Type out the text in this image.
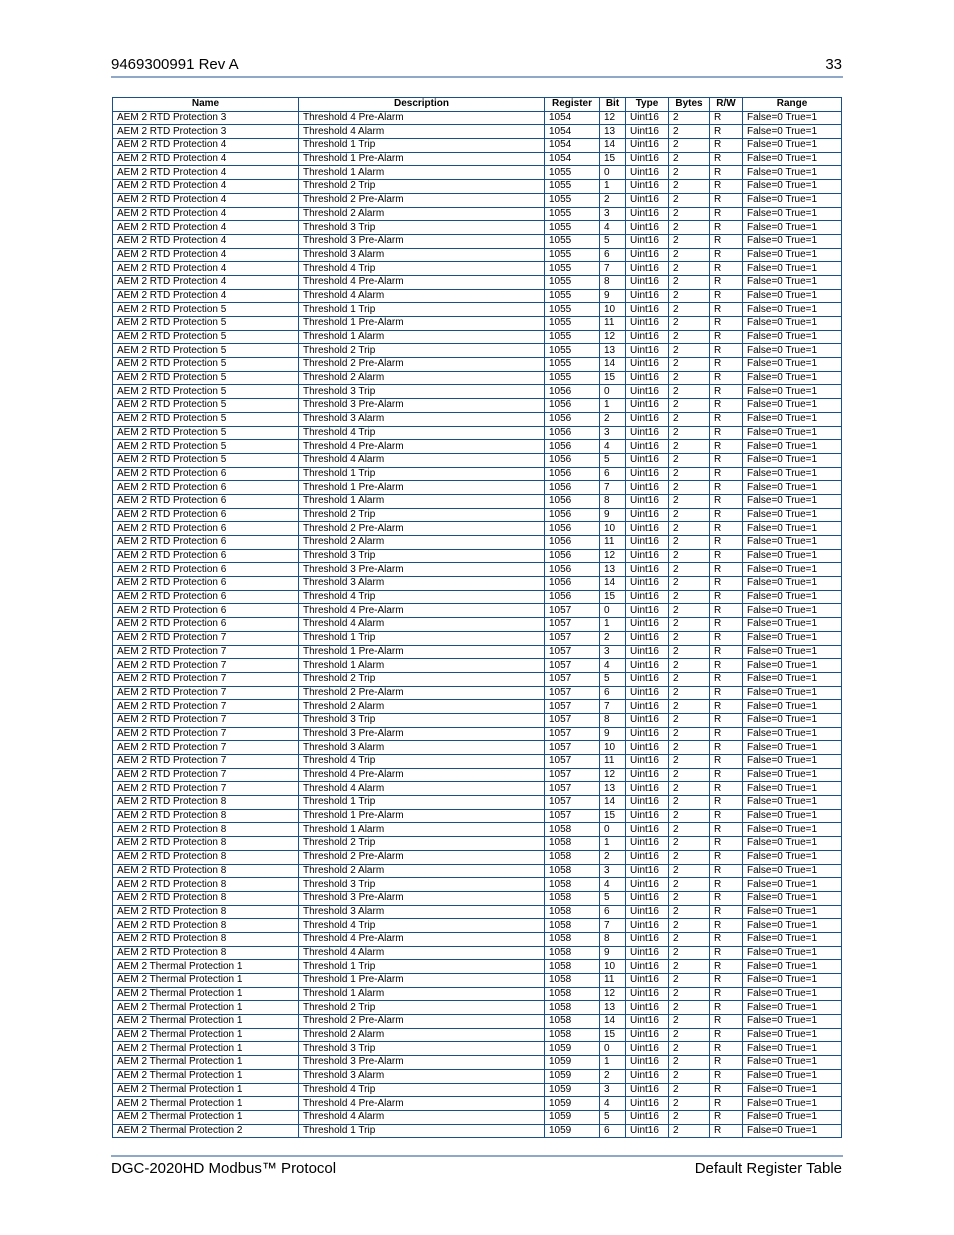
9469300991 Rev A	33
Name	Description	Register	Bit	Type	Bytes	R/W	Range
AEM 2 RTD Protection 3	Threshold 4 Pre-Alarm	1054	12	Uint16	2	R	False=0 True=1
AEM 2 RTD Protection 3	Threshold 4 Alarm	1054	13	Uint16	2	R	False=0 True=1
AEM 2 RTD Protection 4	Threshold 1 Trip	1054	14	Uint16	2	R	False=0 True=1
AEM 2 RTD Protection 4	Threshold 1 Pre-Alarm	1054	15	Uint16	2	R	False=0 True=1
AEM 2 RTD Protection 4	Threshold 1 Alarm	1055	0	Uint16	2	R	False=0 True=1
AEM 2 RTD Protection 4	Threshold 2 Trip	1055	1	Uint16	2	R	False=0 True=1
AEM 2 RTD Protection 4	Threshold 2 Pre-Alarm	1055	2	Uint16	2	R	False=0 True=1
AEM 2 RTD Protection 4	Threshold 2 Alarm	1055	3	Uint16	2	R	False=0 True=1
AEM 2 RTD Protection 4	Threshold 3 Trip	1055	4	Uint16	2	R	False=0 True=1
AEM 2 RTD Protection 4	Threshold 3 Pre-Alarm	1055	5	Uint16	2	R	False=0 True=1
AEM 2 RTD Protection 4	Threshold 3 Alarm	1055	6	Uint16	2	R	False=0 True=1
AEM 2 RTD Protection 4	Threshold 4 Trip	1055	7	Uint16	2	R	False=0 True=1
AEM 2 RTD Protection 4	Threshold 4 Pre-Alarm	1055	8	Uint16	2	R	False=0 True=1
AEM 2 RTD Protection 4	Threshold 4 Alarm	1055	9	Uint16	2	R	False=0 True=1
AEM 2 RTD Protection 5	Threshold 1 Trip	1055	10	Uint16	2	R	False=0 True=1
AEM 2 RTD Protection 5	Threshold 1 Pre-Alarm	1055	11	Uint16	2	R	False=0 True=1
AEM 2 RTD Protection 5	Threshold 1 Alarm	1055	12	Uint16	2	R	False=0 True=1
AEM 2 RTD Protection 5	Threshold 2 Trip	1055	13	Uint16	2	R	False=0 True=1
AEM 2 RTD Protection 5	Threshold 2 Pre-Alarm	1055	14	Uint16	2	R	False=0 True=1
AEM 2 RTD Protection 5	Threshold 2 Alarm	1055	15	Uint16	2	R	False=0 True=1
AEM 2 RTD Protection 5	Threshold 3 Trip	1056	0	Uint16	2	R	False=0 True=1
AEM 2 RTD Protection 5	Threshold 3 Pre-Alarm	1056	1	Uint16	2	R	False=0 True=1
AEM 2 RTD Protection 5	Threshold 3 Alarm	1056	2	Uint16	2	R	False=0 True=1
AEM 2 RTD Protection 5	Threshold 4 Trip	1056	3	Uint16	2	R	False=0 True=1
AEM 2 RTD Protection 5	Threshold 4 Pre-Alarm	1056	4	Uint16	2	R	False=0 True=1
AEM 2 RTD Protection 5	Threshold 4 Alarm	1056	5	Uint16	2	R	False=0 True=1
AEM 2 RTD Protection 6	Threshold 1 Trip	1056	6	Uint16	2	R	False=0 True=1
AEM 2 RTD Protection 6	Threshold 1 Pre-Alarm	1056	7	Uint16	2	R	False=0 True=1
AEM 2 RTD Protection 6	Threshold 1 Alarm	1056	8	Uint16	2	R	False=0 True=1
AEM 2 RTD Protection 6	Threshold 2 Trip	1056	9	Uint16	2	R	False=0 True=1
AEM 2 RTD Protection 6	Threshold 2 Pre-Alarm	1056	10	Uint16	2	R	False=0 True=1
AEM 2 RTD Protection 6	Threshold 2 Alarm	1056	11	Uint16	2	R	False=0 True=1
AEM 2 RTD Protection 6	Threshold 3 Trip	1056	12	Uint16	2	R	False=0 True=1
AEM 2 RTD Protection 6	Threshold 3 Pre-Alarm	1056	13	Uint16	2	R	False=0 True=1
AEM 2 RTD Protection 6	Threshold 3 Alarm	1056	14	Uint16	2	R	False=0 True=1
AEM 2 RTD Protection 6	Threshold 4 Trip	1056	15	Uint16	2	R	False=0 True=1
AEM 2 RTD Protection 6	Threshold 4 Pre-Alarm	1057	0	Uint16	2	R	False=0 True=1
AEM 2 RTD Protection 6	Threshold 4 Alarm	1057	1	Uint16	2	R	False=0 True=1
AEM 2 RTD Protection 7	Threshold 1 Trip	1057	2	Uint16	2	R	False=0 True=1
AEM 2 RTD Protection 7	Threshold 1 Pre-Alarm	1057	3	Uint16	2	R	False=0 True=1
AEM 2 RTD Protection 7	Threshold 1 Alarm	1057	4	Uint16	2	R	False=0 True=1
AEM 2 RTD Protection 7	Threshold 2 Trip	1057	5	Uint16	2	R	False=0 True=1
AEM 2 RTD Protection 7	Threshold 2 Pre-Alarm	1057	6	Uint16	2	R	False=0 True=1
AEM 2 RTD Protection 7	Threshold 2 Alarm	1057	7	Uint16	2	R	False=0 True=1
AEM 2 RTD Protection 7	Threshold 3 Trip	1057	8	Uint16	2	R	False=0 True=1
AEM 2 RTD Protection 7	Threshold 3 Pre-Alarm	1057	9	Uint16	2	R	False=0 True=1
AEM 2 RTD Protection 7	Threshold 3 Alarm	1057	10	Uint16	2	R	False=0 True=1
AEM 2 RTD Protection 7	Threshold 4 Trip	1057	11	Uint16	2	R	False=0 True=1
AEM 2 RTD Protection 7	Threshold 4 Pre-Alarm	1057	12	Uint16	2	R	False=0 True=1
AEM 2 RTD Protection 7	Threshold 4 Alarm	1057	13	Uint16	2	R	False=0 True=1
AEM 2 RTD Protection 8	Threshold 1 Trip	1057	14	Uint16	2	R	False=0 True=1
AEM 2 RTD Protection 8	Threshold 1 Pre-Alarm	1057	15	Uint16	2	R	False=0 True=1
AEM 2 RTD Protection 8	Threshold 1 Alarm	1058	0	Uint16	2	R	False=0 True=1
AEM 2 RTD Protection 8	Threshold 2 Trip	1058	1	Uint16	2	R	False=0 True=1
AEM 2 RTD Protection 8	Threshold 2 Pre-Alarm	1058	2	Uint16	2	R	False=0 True=1
AEM 2 RTD Protection 8	Threshold 2 Alarm	1058	3	Uint16	2	R	False=0 True=1
AEM 2 RTD Protection 8	Threshold 3 Trip	1058	4	Uint16	2	R	False=0 True=1
AEM 2 RTD Protection 8	Threshold 3 Pre-Alarm	1058	5	Uint16	2	R	False=0 True=1
AEM 2 RTD Protection 8	Threshold 3 Alarm	1058	6	Uint16	2	R	False=0 True=1
AEM 2 RTD Protection 8	Threshold 4 Trip	1058	7	Uint16	2	R	False=0 True=1
AEM 2 RTD Protection 8	Threshold 4 Pre-Alarm	1058	8	Uint16	2	R	False=0 True=1
AEM 2 RTD Protection 8	Threshold 4 Alarm	1058	9	Uint16	2	R	False=0 True=1
AEM 2 Thermal Protection 1	Threshold 1 Trip	1058	10	Uint16	2	R	False=0 True=1
AEM 2 Thermal Protection 1	Threshold 1 Pre-Alarm	1058	11	Uint16	2	R	False=0 True=1
AEM 2 Thermal Protection 1	Threshold 1 Alarm	1058	12	Uint16	2	R	False=0 True=1
AEM 2 Thermal Protection 1	Threshold 2 Trip	1058	13	Uint16	2	R	False=0 True=1
AEM 2 Thermal Protection 1	Threshold 2 Pre-Alarm	1058	14	Uint16	2	R	False=0 True=1
AEM 2 Thermal Protection 1	Threshold 2 Alarm	1058	15	Uint16	2	R	False=0 True=1
AEM 2 Thermal Protection 1	Threshold 3 Trip	1059	0	Uint16	2	R	False=0 True=1
AEM 2 Thermal Protection 1	Threshold 3 Pre-Alarm	1059	1	Uint16	2	R	False=0 True=1
AEM 2 Thermal Protection 1	Threshold 3 Alarm	1059	2	Uint16	2	R	False=0 True=1
AEM 2 Thermal Protection 1	Threshold 4 Trip	1059	3	Uint16	2	R	False=0 True=1
AEM 2 Thermal Protection 1	Threshold 4 Pre-Alarm	1059	4	Uint16	2	R	False=0 True=1
AEM 2 Thermal Protection 1	Threshold 4 Alarm	1059	5	Uint16	2	R	False=0 True=1
AEM 2 Thermal Protection 2	Threshold 1 Trip	1059	6	Uint16	2	R	False=0 True=1
DGC-2020HD Modbus™ Protocol	Default Register Table
